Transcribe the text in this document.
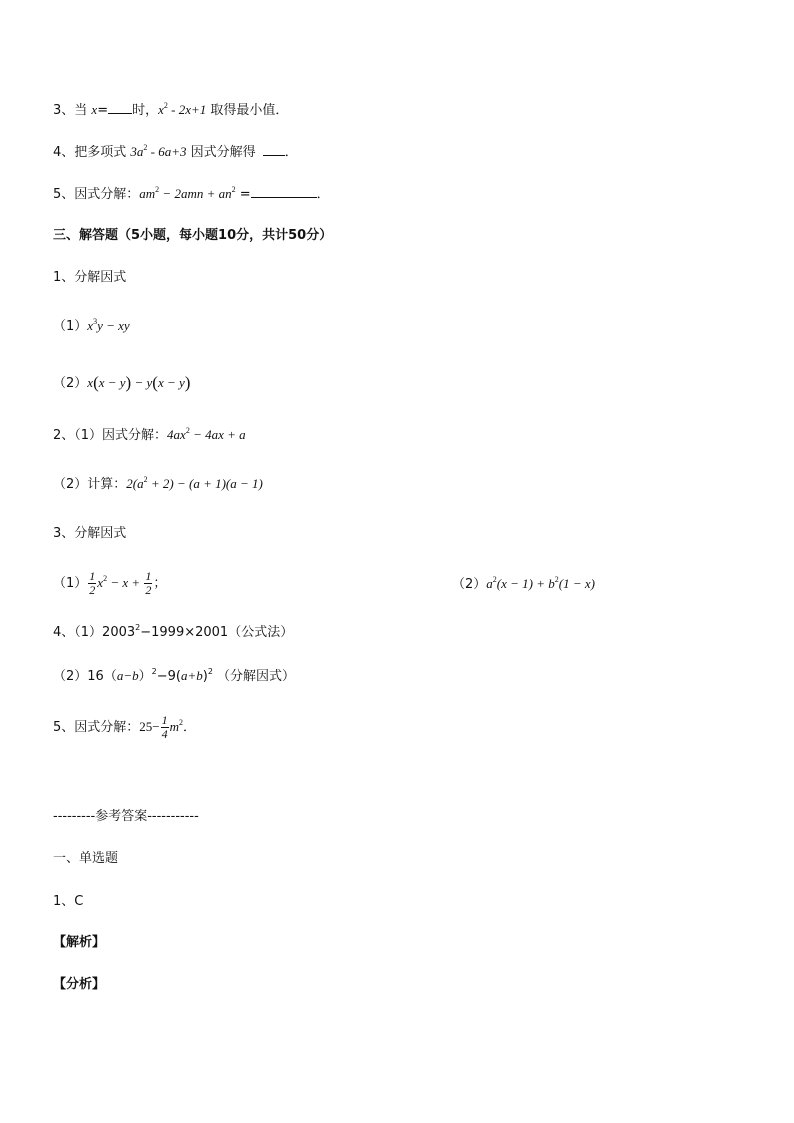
3、当 x= 时，$x^2 - 2x+1$ 取得最小值．
4、把多项式 $3a^2 - 6a+3$ 因式分解得 ．
5、因式分解：$am^2 - 2amn + an^2$ =	．
三、解答题（5小题，每小题10分，共计50分）
1、分解因式
$(1)x^3y$ − xy
（2）x(x − y) − y(x − y)
2、（1）因式分解：$4ax^2 - 4ax + a$
（2）计算：$2(a^2 + 2) - (a + 1)(a - 1)$
3、分解因式
$(1) \frac{1}{2} x^2 - x + \frac{1}{2}$ ；	$(2)a^2(x - 1) + b^2(1 - x)$
4、$(1)2003^2-1999\times 2001$（公式法）
$(2)16(a-b)^2-9(a+b)^2$ （分解因式）
5、因式分解：$25- \frac{1}{4} m^2$．
---------参考答案-----------
一、单选题
1、C
【解析】
【分析】
